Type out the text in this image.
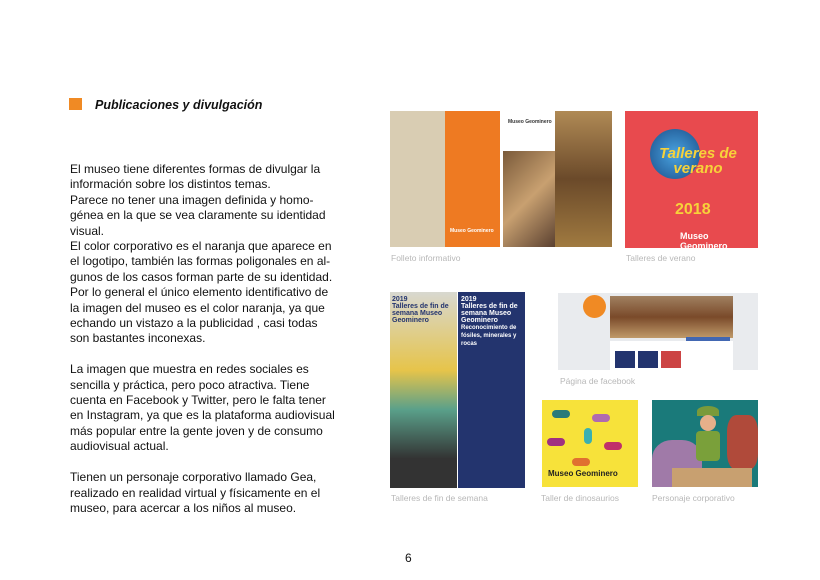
Publicaciones y divulgación

El museo tiene diferentes formas de divulgar la
información sobre los distintos temas.
Parece no tener una imagen definida y homo-
génea en la que se vea claramente su identidad
visual.
El color corporativo es el naranja que aparece en
el logotipo, también las formas poligonales en al-
gunos de los casos forman parte de su identidad.
Por lo general el único elemento identificativo de
la imagen del museo es el color naranja, ya que
echando un vistazo a la publicidad , casi todas
son bastantes inconexas.

La imagen que muestra en redes sociales es
sencilla y práctica, pero poco atractiva. Tiene
cuenta en Facebook y Twitter, pero le falta tener
en Instagram, ya que es la plataforma audiovisual
más popular entre la gente joven y de consumo
audiovisual actual.

Tienen un personaje corporativo llamado Gea,
realizado en realidad virtual y físicamente en el
museo, para acercar a los niños al museo.

Museo Geominero
Museo Geominero
Folleto informativo
Talleres de verano
2018
Museo Geominero
Talleres de verano
2019
Talleres de fin de semana Museo Geominero
2019
Talleres de fin de semana Museo Geominero
Reconocimiento de fósiles, minerales y rocas
Talleres de fin de semana
Página de facebook
Museo Geominero
Taller de dinosaurios	Personaje corporativo
6
